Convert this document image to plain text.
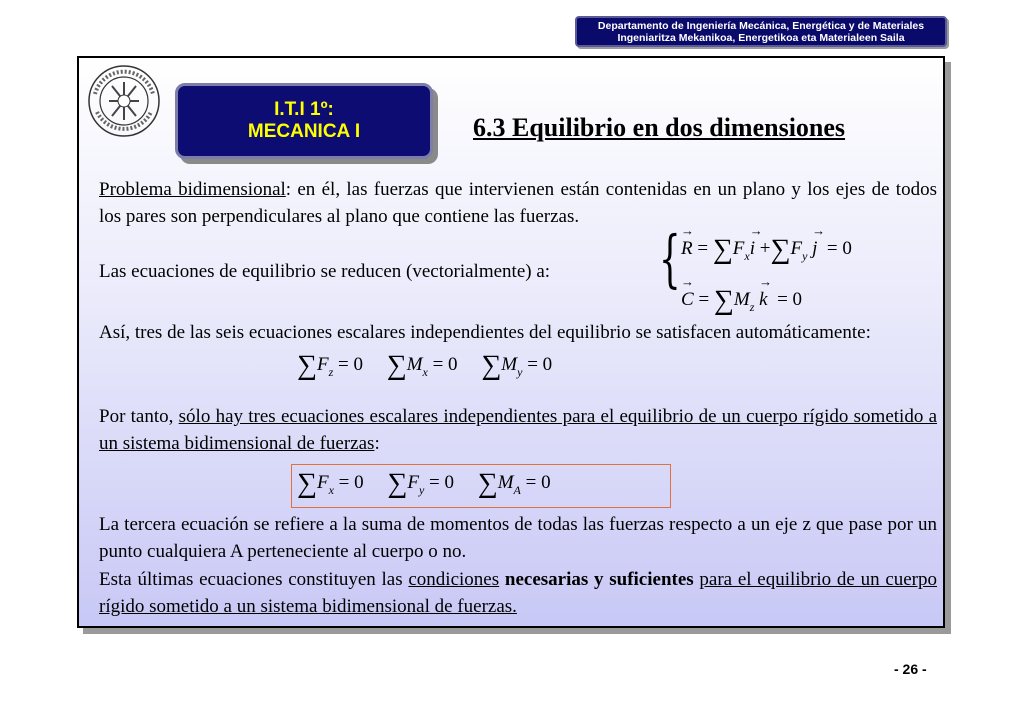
Departamento de Ingeniería Mecánica, Energética y de Materiales
Ingeniaritza Mekanikoa, Energetikoa eta Materialeen Saila
I.T.I 1º:
MECANICA I	6.3 Equilibrio en dos dimensiones
Problema bidimensional: en él, las fuerzas que intervienen están contenidas en un plano y los ejes de todos los pares son perpendiculares al plano que contiene las fuerzas.
Las ecuaciones de equilibrio se reducen (vectorialmente) a:	{ → $R = \sum F_x\to i +\sum F_y \to j = 0$
→ $C = \sum M_z \to k = 0$
Así, tres de las seis ecuaciones escalares independientes del equilibrio se satisfacen automáticamente:
$\sum F_z = 0$ $\sum M_x = 0$ $\sum M_y = 0$
Por tanto, sólo hay tres ecuaciones escalares independientes para el equilibrio de un cuerpo rígido sometido a un sistema bidimensional de fuerzas:
$\sum F_x = 0$ $\sum F_y = 0$ $\sum M_A = 0$
La tercera ecuación se refiere a la suma de momentos de todas las fuerzas respecto a un eje z que pase por un punto cualquiera A perteneciente al cuerpo o no.
Esta últimas ecuaciones constituyen las condiciones necesarias y suficientes para el equilibrio de un cuerpo rígido sometido a un sistema bidimensional de fuerzas.
- 26 -
